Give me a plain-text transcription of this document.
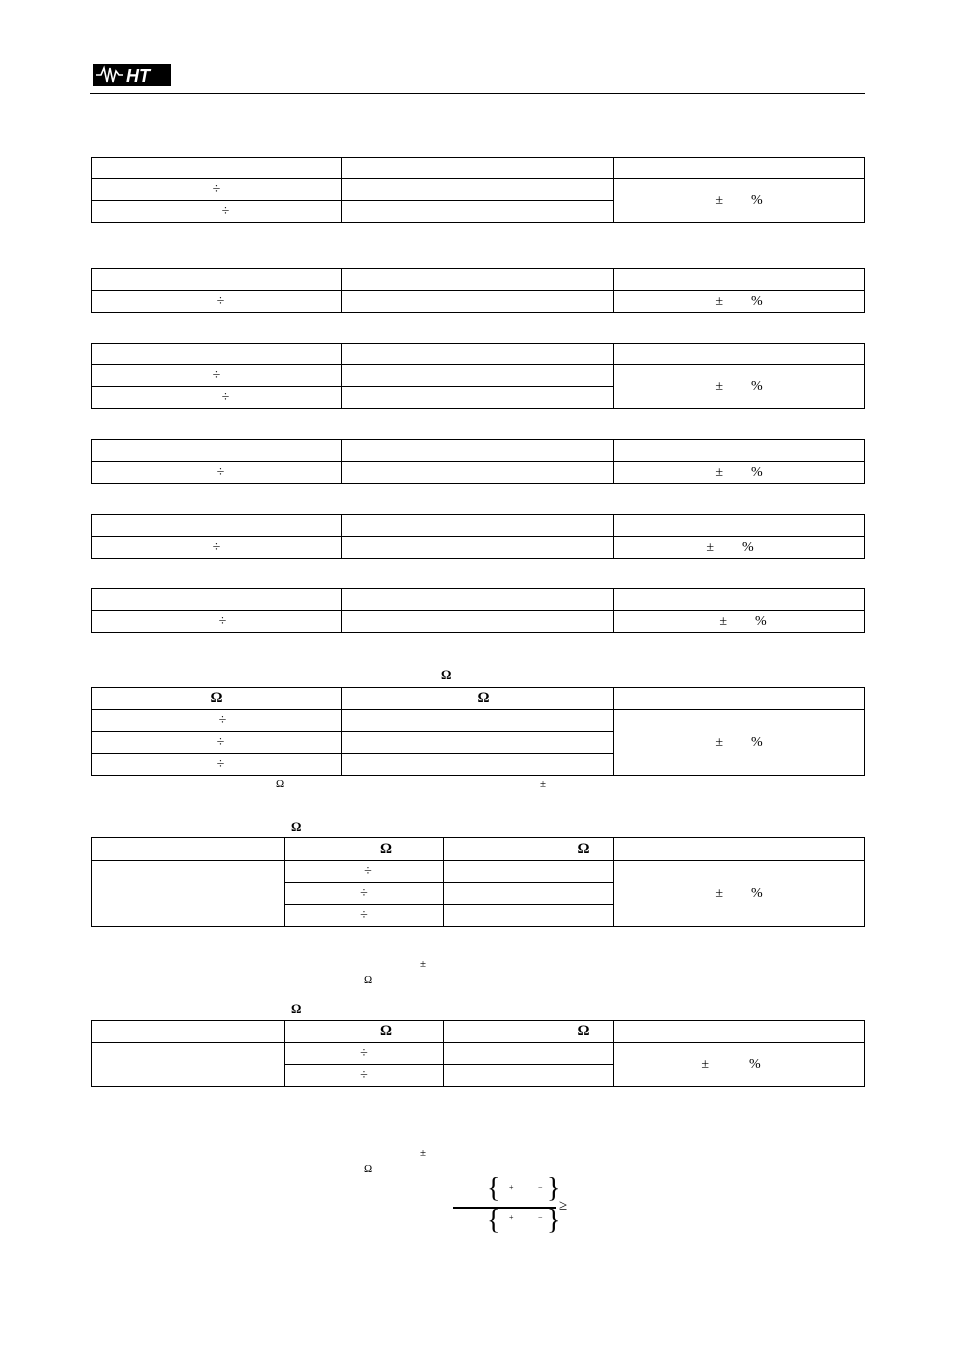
HT

÷		± %
÷		

÷		± %

÷		± %
÷		

÷		± %

÷		± %

÷		± %
Ω
Ω	Ω	
÷		± %
÷		
÷		
Ω	±
Ω
	Ω	Ω	
	÷		± %
	÷		
	÷		
±
Ω
Ω
	Ω	Ω	
	÷		± %
	÷		
±
Ω
{ +	− }
≥
{ +	− }
